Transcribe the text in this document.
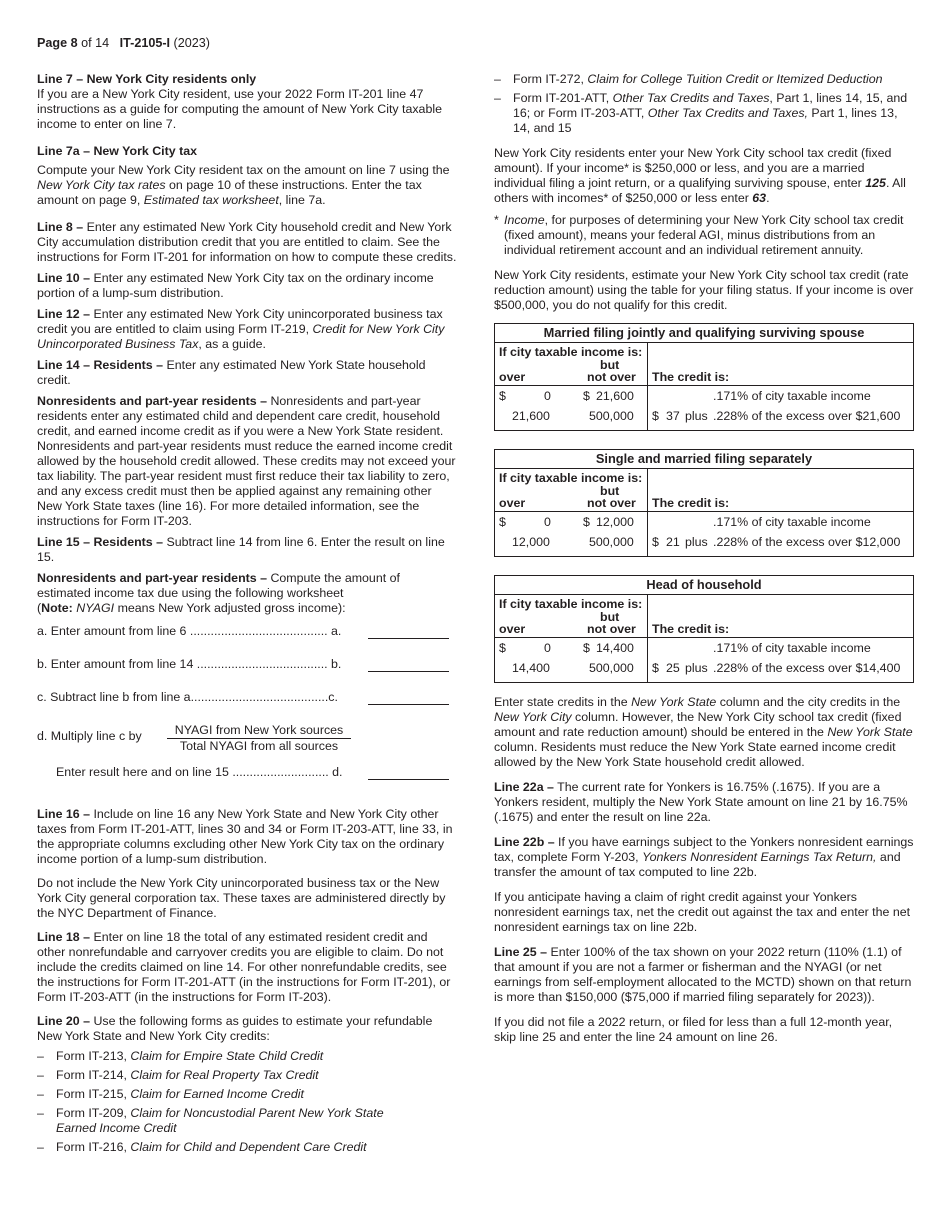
Page 8 of 14 IT-2105-I (2023)

Line 7 – New York City residents only

If you are a New York City resident, use your 2022 Form IT-201 line 47 instructions as a guide for computing the amount of New York City taxable income to enter on line 7.

Line 7a – New York City tax

Compute your New York City resident tax on the amount on line 7 using the New York City tax rates on page 10 of these instructions. Enter the tax amount on page 9, Estimated tax worksheet, line 7a.

Line 8 – Enter any estimated New York City household credit and New York City accumulation distribution credit that you are entitled to claim. See the instructions for Form IT-201 for information on how to compute these credits.

Line 10 – Enter any estimated New York City tax on the ordinary income portion of a lump-sum distribution.

Line 12 – Enter any estimated New York City unincorporated business tax credit you are entitled to claim using Form IT-219, Credit for New York City Unincorporated Business Tax, as a guide.

Line 14 – Residents – Enter any estimated New York State household credit.

Nonresidents and part-year residents – Nonresidents and part-year residents enter any estimated child and dependent care credit, household credit, and earned income credit as if you were a New York State resident. Nonresidents and part-year residents must reduce the earned income credit allowed by the household credit allowed. These credits may not exceed your tax liability. The part-year resident must first reduce their tax liability to zero, and any excess credit must then be applied against any remaining other New York State taxes (line 16). For more detailed information, see the instructions for Form IT-203.

Line 15 – Residents – Subtract line 14 from line 6. Enter the result on line 15.

Nonresidents and part-year residents – Compute the amount of estimated income tax due using the following worksheet
(Note: NYAGI means New York adjusted gross income):

a. Enter amount from line 6 ........................................ a.
b. Enter amount from line 14 ...................................... b.
c. Subtract line b from line a........................................c.
d. Multiply line c by	NYAGI from New York sources
Total NYAGI from all sources
Enter result here and on line 15 ............................ d.

Line 16 – Include on line 16 any New York State and New York City other taxes from Form IT-201-ATT, lines 30 and 34 or Form IT-203-ATT, line 33, in the appropriate columns excluding other New York City tax on the ordinary income portion of a lump-sum distribution.

Do not include the New York City unincorporated business tax or the New York City general corporation tax. These taxes are administered directly by the NYC Department of Finance.

Line 18 – Enter on line 18 the total of any estimated resident credit and other nonrefundable and carryover credits you are eligible to claim. Do not include the credits claimed on line 14. For other nonrefundable credits, see the instructions for Form IT-201-ATT (in the instructions for Form IT-201), or Form IT-203-ATT (in the instructions for Form IT-203).

Line 20 – Use the following forms as guides to estimate your refundable New York State and New York City credits:

– Form IT-213, Claim for Empire State Child Credit
– Form IT-214, Claim for Real Property Tax Credit
– Form IT-215, Claim for Earned Income Credit
– Form IT-209, Claim for Noncustodial Parent New York State Earned Income Credit
– Form IT-216, Claim for Child and Dependent Care Credit
– Form IT-272, Claim for College Tuition Credit or Itemized Deduction
– Form IT-201-ATT, Other Tax Credits and Taxes, Part 1, lines 14, 15, and 16; or Form IT-203-ATT, Other Tax Credits and Taxes, Part 1, lines 13, 14, and 15

New York City residents enter your New York City school tax credit (fixed amount). If your income* is $250,000 or less, and you are a married individual filing a joint return, or a qualifying surviving spouse, enter 125. All others with incomes* of $250,000 or less enter 63.

* Income, for purposes of determining your New York City school tax credit (fixed amount), means your federal AGI, minus distributions from an individual retirement account and an individual retirement annuity.

New York City residents, estimate your New York City school tax credit (rate reduction amount) using the table for your filing status. If your income is over $500,000, you do not qualify for this credit.

Married filing jointly and qualifying surviving spouse
If city taxable income is:
but
over	not over The credit is:
$	0	$ 21,600	.171% of city taxable income
21,600	500,000 $ 37 plus .228% of the excess over $21,600
Single and married filing separately
If city taxable income is:
but
over	not over The credit is:
$	0	$ 12,000	.171% of city taxable income
12,000	500,000 $ 21 plus .228% of the excess over $12,000
Head of household
If city taxable income is:
but
over	not over The credit is:
$	0	$ 14,400	.171% of city taxable income
14,400	500,000 $ 25 plus .228% of the excess over $14,400

Enter state credits in the New York State column and the city credits in the New York City column. However, the New York City school tax credit (fixed amount and rate reduction amount) should be entered in the New York State column. Residents must reduce the New York State earned income credit allowed by the New York State household credit allowed.

Line 22a – The current rate for Yonkers is 16.75% (.1675). If you are a Yonkers resident, multiply the New York State amount on line 21 by 16.75% (.1675) and enter the result on line 22a.

Line 22b – If you have earnings subject to the Yonkers nonresident earnings tax, complete Form Y-203, Yonkers Nonresident Earnings Tax Return, and transfer the amount of tax computed to line 22b.

If you anticipate having a claim of right credit against your Yonkers nonresident earnings tax, net the credit out against the tax and enter the net nonresident earnings tax on line 22b.

Line 25 – Enter 100% of the tax shown on your 2022 return (110% (1.1) of that amount if you are not a farmer or fisherman and the NYAGI (or net earnings from self-employment allocated to the MCTD) shown on that return is more than $150,000 ($75,000 if married filing separately for 2023)).

If you did not file a 2022 return, or filed for less than a full 12-month year, skip line 25 and enter the line 24 amount on line 26.
